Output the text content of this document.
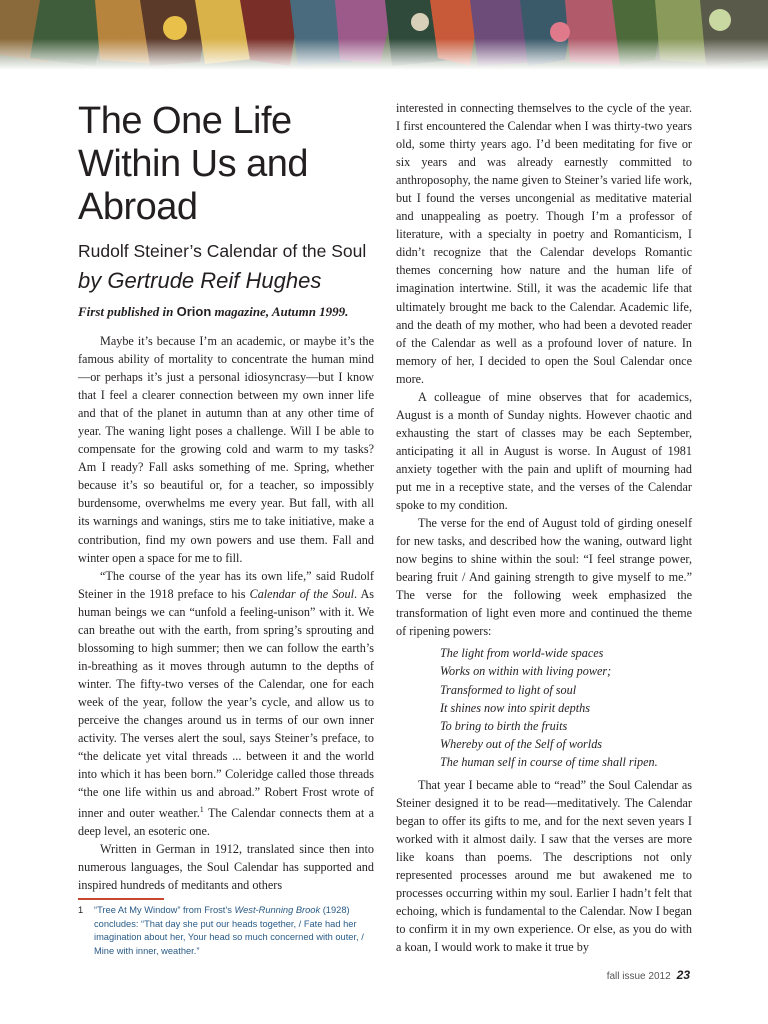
The One Life
Within Us and
Abroad
Rudolf Steiner’s Calendar of the Soul
by Gertrude Reif Hughes
First published in Orion magazine, Autumn 1999.

Maybe it’s because I’m an academic, or maybe it’s the famous ability of mortality to concentrate the human mind—or perhaps it’s just a personal idiosyncrasy—but I know that I feel a clearer connection between my own inner life and that of the planet in autumn than at any other time of year. The waning light poses a challenge. Will I be able to compensate for the growing cold and warm to my tasks? Am I ready? Fall asks something of me. Spring, whether because it’s so beautiful or, for a teacher, so impossibly burdensome, overwhelms me every year. But fall, with all its warnings and wanings, stirs me to take initiative, make a contribution, find my own powers and use them. Fall and winter open a space for me to fill.

“The course of the year has its own life,” said Rudolf Steiner in the 1918 preface to his Calendar of the Soul. As human beings we can “unfold a feeling-unison” with it. We can breathe out with the earth, from spring’s sprouting and blossoming to high summer; then we can follow the earth’s in-breathing as it moves through autumn to the depths of winter. The fifty-two verses of the Calendar, one for each week of the year, follow the year’s cycle, and allow us to perceive the changes around us in terms of our own inner activity. The verses alert the soul, says Steiner’s preface, to “the delicate yet vital threads ... between it and the world into which it has been born.” Coleridge called those threads “the one life within us and abroad.” Robert Frost wrote of inner and outer weather.$^1$ The Calendar connects them at a deep level, an esoteric one.

Written in German in 1912, translated since then into numerous languages, the Soul Calendar has supported and inspired hundreds of meditants and others

interested in connecting themselves to the cycle of the year. I first encountered the Calendar when I was thirty-two years old, some thirty years ago. I’d been meditating for five or six years and was already earnestly committed to anthroposophy, the name given to Steiner’s varied life work, but I found the verses uncongenial as meditative material and unappealing as poetry. Though I’m a professor of literature, with a specialty in poetry and Romanticism, I didn’t recognize that the Calendar develops Romantic themes concerning how nature and the human life of imagination intertwine. Still, it was the academic life that ultimately brought me back to the Calendar. Academic life, and the death of my mother, who had been a devoted reader of the Calendar as well as a profound lover of nature. In memory of her, I decided to open the Soul Calendar once more.

A colleague of mine observes that for academics, August is a month of Sunday nights. However chaotic and exhausting the start of classes may be each September, anticipating it all in August is worse. In August of 1981 anxiety together with the pain and uplift of mourning had put me in a receptive state, and the verses of the Calendar spoke to my condition.

The verse for the end of August told of girding oneself for new tasks, and described how the waning, outward light now begins to shine within the soul: “I feel strange power, bearing fruit / And gaining strength to give myself to me.” The verse for the following week emphasized the transformation of light even more and continued the theme of ripening powers:

The light from world-wide spaces
Works on within with living power;
Transformed to light of soul
It shines now into spirit depths
To bring to birth the fruits
Whereby out of the Self of worlds
The human self in course of time shall ripen.

That year I became able to “read” the Soul Calendar as Steiner designed it to be read—meditatively. The Calendar began to offer its gifts to me, and for the next seven years I worked with it almost daily. I saw that the verses are more like koans than poems. The descriptions not only represented processes around me but awakened me to processes occurring within my soul. Earlier I hadn’t felt that echoing, which is fundamental to the Calendar. Now I began to confirm it in my own experience. Or else, as you do with a koan, I would work to make it true by

1 “Tree At My Window” from Frost’s West-Running Brook (1928) concludes: “That day she put our heads together, / Fate had her imagination about her, Your head so much concerned with outer, / Mine with inner, weather.”
fall issue 2012 23
